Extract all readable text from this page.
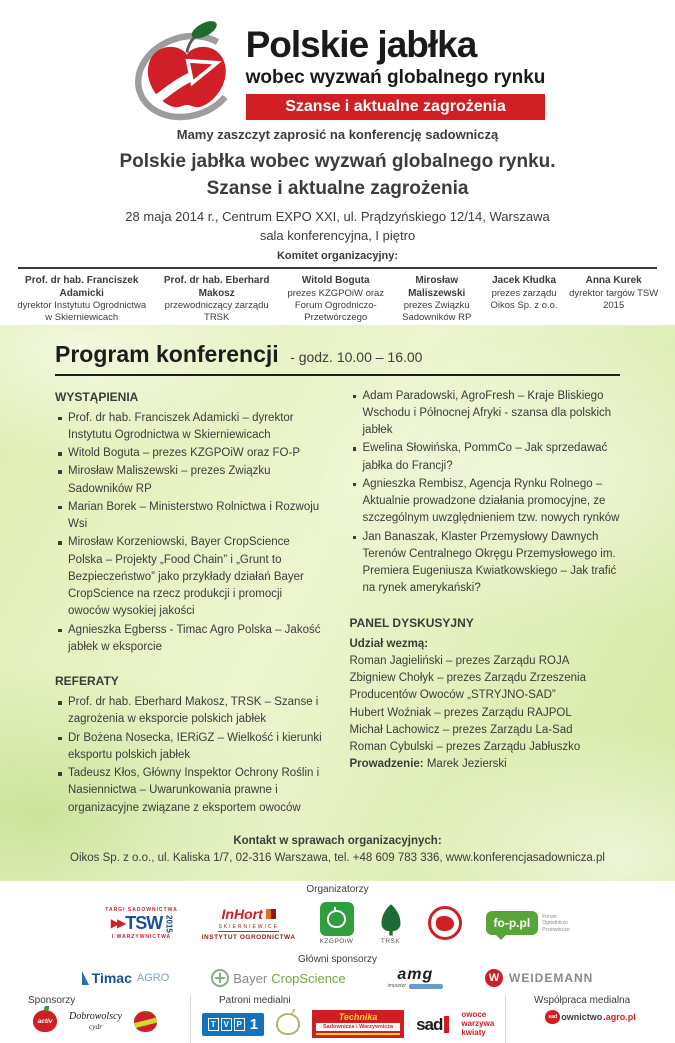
Polskie jabłka
wobec wyzwań globalnego rynku
Szanse i aktualne zagrożenia
Mamy zaszczyt zaprosić na konferencję sadowniczą
Polskie jabłka wobec wyzwań globalnego rynku.
Szanse i aktualne zagrożenia
28 maja 2014 r., Centrum EXPO XXI, ul. Prądzyńskiego 12/14, Warszawa
sala konferencyjna, I piętro
Komitet organizacyjny:
Prof. dr hab. Franciszek Adamicki
dyrektor Instytutu Ogrodnictwa w Skierniewicach
Prof. dr hab. Eberhard Makosz
przewodniczący zarządu TRSK
Witold Boguta
prezes KZGPOiW oraz Forum Ogrodniczo-Przetwórczego
Mirosław Maliszewski
prezes Związku Sadowników RP
Jacek Kłudka
prezes zarządu Oikos Sp. z o.o.
Anna Kurek
dyrektor targów TSW 2015
Program konferencji - godz. 10.00 – 16.00
WYSTĄPIENIA
Prof. dr hab. Franciszek Adamicki – dyrektor Instytutu Ogrodnictwa w Skierniewicach
Witold Boguta – prezes KZGPOiW oraz FO-P
Mirosław Maliszewski – prezes Związku Sadowników RP
Marian Borek – Ministerstwo Rolnictwa i Rozwoju Wsi
Mirosław Korzeniowski, Bayer CropScience Polska – Projekty „Food Chain” i „Grunt to Bezpieczeństwo” jako przykłady działań Bayer CropScience na rzecz produkcji i promocji owoców wysokiej jakości
Agnieszka Egberss - Timac Agro Polska – Jakość jabłek w eksporcie
REFERATY
Prof. dr hab. Eberhard Makosz, TRSK – Szanse i zagrożenia w eksporcie polskich jabłek
Dr Bożena Nosecka, IERiGZ – Wielkość i kierunki eksportu polskich jabłek
Tadeusz Kłos, Główny Inspektor Ochrony Roślin i Nasiennictwa – Uwarunkowania prawne i organizacyjne związane z eksportem owoców
Adam Paradowski, AgroFresh – Kraje Bliskiego Wschodu i Północnej Afryki - szansa dla polskich jabłek
Ewelina Słowińska, PommCo – Jak sprzedawać jabłka do Francji?
Agnieszka Rembisz, Agencja Rynku Rolnego – Aktualnie prowadzone działania promocyjne, ze szczególnym uwzględnieniem tzw. nowych rynków
Jan Banaszak, Klaster Przemysłowy Dawnych Terenów Centralnego Okręgu Przemysłowego im. Premiera Eugeniusza Kwiatkowskiego – Jak trafić na rynek amerykański?
PANEL DYSKUSYJNY

Udział wezmą:

Roman Jagieliński – prezes Zarządu ROJA

Zbigniew Chołyk – prezes Zarządu Zrzeszenia Producentów Owoców „STRYJNO-SAD”

Hubert Woźniak – prezes Zarządu RAJPOL

Michał Lachowicz – prezes Zarządu La-Sad

Roman Cybulski – prezes Zarządu Jabłuszko

Prowadzenie: Marek Jezierski

Kontakt w sprawach organizacyjnych:
Oikos Sp. z o.o., ul. Kaliska 1/7, 02-316 Warszawa, tel. +48 609 783 336, www.konferencjasadownicza.pl
Organizatorzy
TARGI SADOWNICTWA
▶▶ TSW 2015
I WARZYWNICTWA
InHort
SKIERNIEWICE
INSTYTUT OGRODNICTWA
KZGPOiW	TRSK
fo-p.pl	Forum
Ogrodniczo
Przetwórcze
Główni sponsorzy
Timac AGRO	Bayer CropScience	amg
importer
W WEIDEMANN
Sponsorzy
activ Dobrowolscy
cydr
Patroni medialni
T V P 1	Technika
Sadownicza i Warzywnicza	sad
owoce
warzywa
kwiaty
Współpraca medialna
sad ownictwo .agro.pl
